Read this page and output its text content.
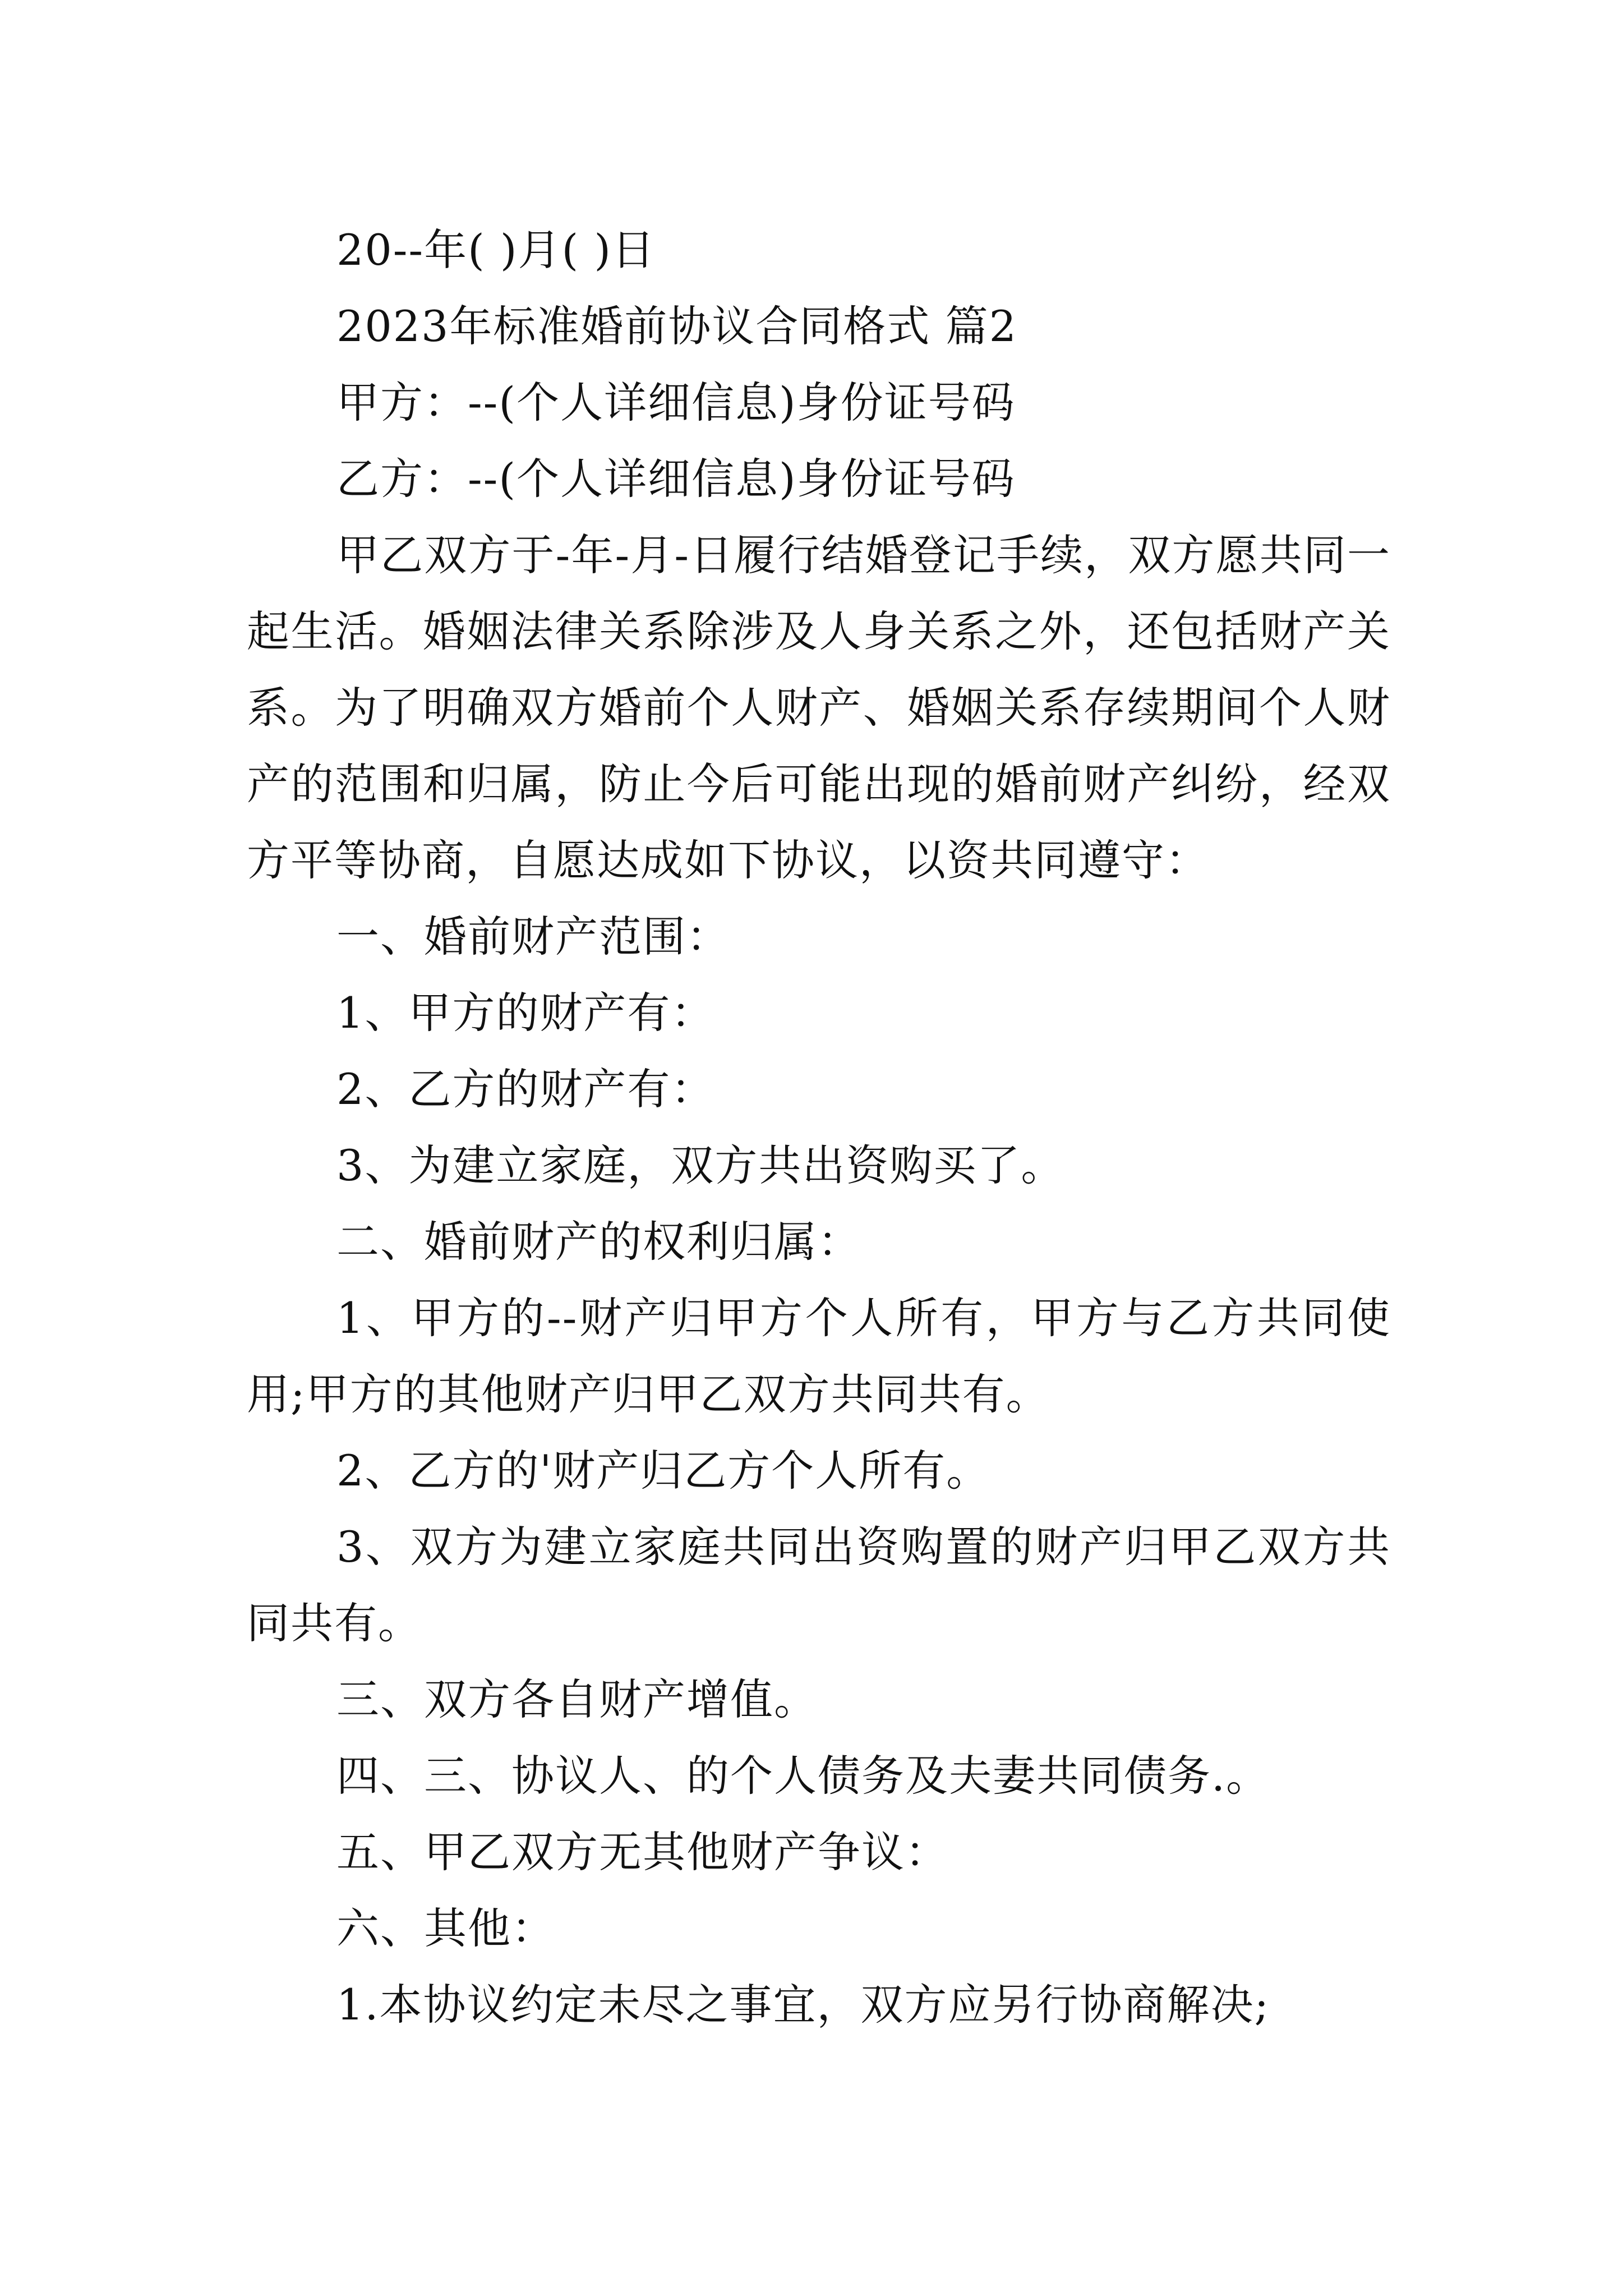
20--年( )月( )日

2023年标准婚前协议合同格式 篇2

甲方：--(个人详细信息)身份证号码

乙方：--(个人详细信息)身份证号码

甲乙双方于-年-月-日履行结婚登记手续，双方愿共同一起生活。婚姻法律关系除涉及人身关系之外，还包括财产关系。为了明确双方婚前个人财产、婚姻关系存续期间个人财产的范围和归属，防止今后可能出现的婚前财产纠纷，经双方平等协商，自愿达成如下协议，以资共同遵守：

一、婚前财产范围：

1、甲方的财产有：

2、乙方的财产有：

3、为建立家庭，双方共出资购买了。

二、婚前财产的权利归属：

1、甲方的--财产归甲方个人所有，甲方与乙方共同使用;甲方的其他财产归甲乙双方共同共有。

2、乙方的'财产归乙方个人所有。

3、双方为建立家庭共同出资购置的财产归甲乙双方共同共有。

三、双方各自财产增值。

四、三、协议人、的个人债务及夫妻共同债务.。

五、甲乙双方无其他财产争议：

六、其他：

1.本协议约定未尽之事宜，双方应另行协商解决;
